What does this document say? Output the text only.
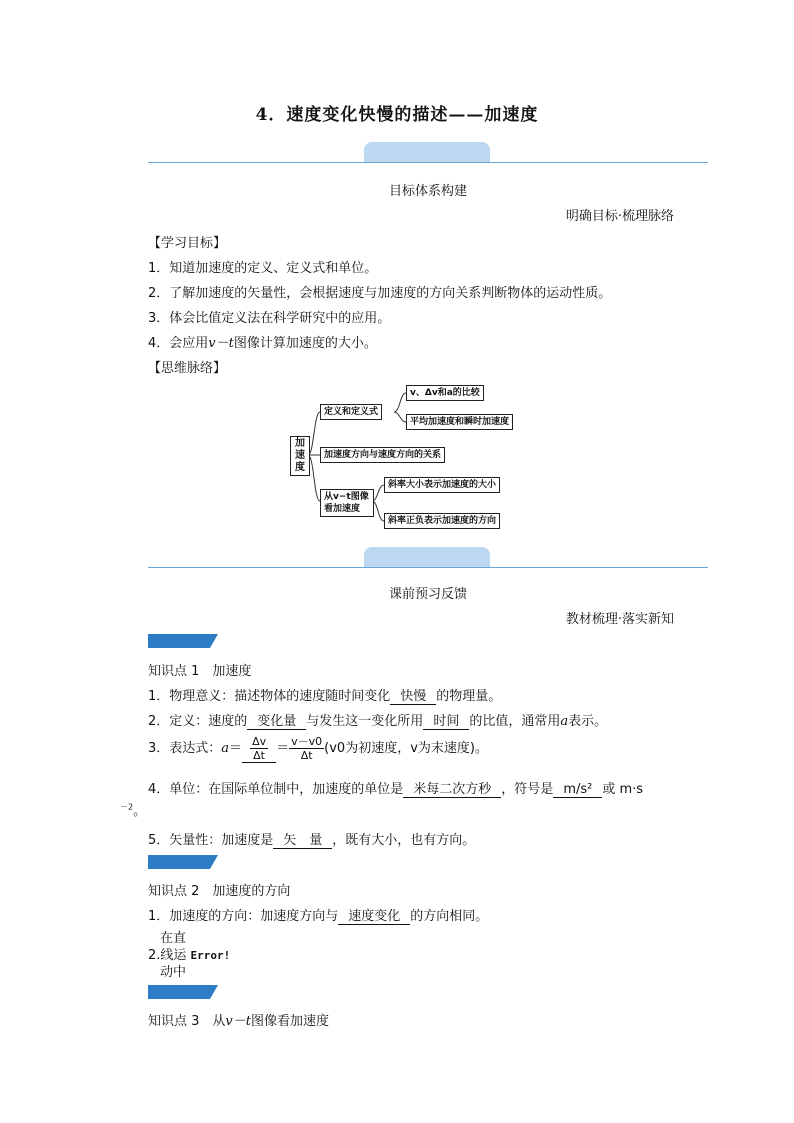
4．速度变化快慢的描述——加速度
目标体系构建
明确目标·梳理脉络
【学习目标】
1．知道加速度的定义、定义式和单位。
2．了解加速度的矢量性，会根据速度与加速度的方向关系判断物体的运动性质。
3．体会比值定义法在科学研究中的应用。
4．会应用v－t图像计算加速度的大小。
【思维脉络】
加速度
定义和定义式
v、Δv和a的比较
平均加速度和瞬时加速度
加速度方向与速度方向的关系
从v−t图像看加速度
斜率大小表示加速度的大小
斜率正负表示加速度的方向
课前预习反馈
教材梳理·落实新知
知识点 1　加速度
1．物理意义：描述物体的速度随时间变化 快慢 的物理量。
2．定义：速度的 变化量 与发生这一变化所用 时间 的比值，通常用a表示。
3．表达式：$a= \frac{\Delta v}{\Delta t} = \frac{v-v0}{\Delta t} (v0$为初速度，v为末速度)。
4．单位：在国际单位制中，加速度的单位是 米每二次方秒 ，符号是 m/s² 或 m·s
$^{-2}$。
5．矢量性：加速度是 矢　量 ，既有大小，也有方向。
知识点 2　加速度的方向
1．加速度的方向：加速度方向与 速度变化 的方向相同。
在直
2.线运 Error!
动中
知识点 3　从v－t图像看加速度
